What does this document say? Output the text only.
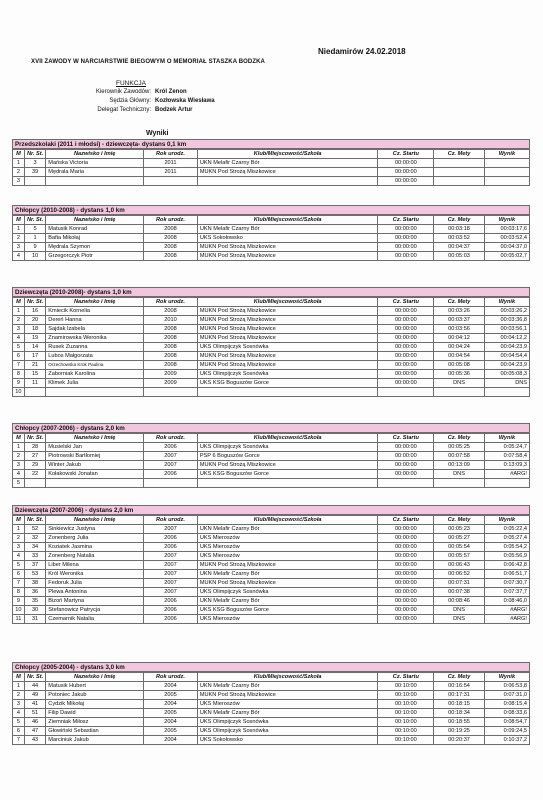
Niedamirów 24.02.2018
XVII ZAWODY W NARCIARSTWIE BIEGOWYM O MEMORIAŁ STASZKA BODZKA
FUNKCJA
Kierownik Zawodów: Król Zenon
Sędzia Główny: Kozłowska Wiesława
Delegat Techniczny: Bodzek Artur
Wyniki
Przedszkolaki (2011 i młodsi) - dziewczęta- dystans 0,1 km
M	Nr. St.	Nazwisko i Imię	Rok urodz.	Klub/Miejscowość/Szkoła	Cz. Startu	Cz. Mety	Wynik
1	3	Mańska Victoria	2011	UKN Melafir Czarny Bór	00:00:00		
2	39	Mędrala Maria	2011	MUKN Pod Strożą Miszkowice	00:00:00		
3					00:00:00		
Chłopcy (2010-2008) - dystans 1,0 km
M	Nr. St.	Nazwisko i Imię	Rok urodz.	Klub/Miejscowość/Szkoła	Cz. Startu	Cz. Mety	Wynik
1	5	Matusik Konrad	2008	UKN Melafir Czarny Bór	00:00:00	00:03:18	00:03:17,6
2	1	Bafia Mikołaj	2008	UKS Sokołowsko	00:00:00	00:03:52	00:03:52,4
3	9	Mędrala Szymon	2008	MUKN Pod Strożą Miszkowice	00:00:00	00:04:37	00:04:37,0
4	10	Grzegorczyk Piotr	2008	MUKN Pod Strożą Miszkowice	00:00:00	00:05:03	00:05:02,7
Dziewczęta (2010-2008)- dystans 1,0 km
M	Nr. St.	Nazwisko i Imię	Rok urodz.	Klub/Miejscowość/Szkoła	Cz. Startu	Cz. Mety	Wynik
1	16	Kmiecik Kornelia	2008	MUKN Pod Strożą Miszkowice	00:00:00	00:03:26	00:03:26,2
2	20	Dereń Hanna	2010	MUKN Pod Strożą Miszkowice	00:00:00	00:03:37	00:03:36,8
3	18	Sajdak Izabela	2008	MUKN Pod Strożą Miszkowice	00:00:00	00:03:56	00:03:56,1
4	19	Znamirowska Weronika	2008	MUKN Pod Strożą Miszkowice	00:00:00	00:04:12	00:04:12,2
5	14	Rusek Zuzanna	2008	UKS Olimpijczyk Sosnówka	00:00:00	00:04:24	00:04:23,9
6	17	Lubos Małgorzata	2008	MUKN Pod Strożą Miszkowice	00:00:00	00:04:54	00:04:54,4
7	21	Orzechowska Krok Paulina	2008	MUKN Pod Strożą Miszkowice	00:00:00	00:05:08	00:04:23,9
8	15	Zaborniak Karolina	2009	UKS Olimpijczyk Sosnówka	00:00:00	00:05:36	00:05:08,3
9	11	Klimek Julia	2009	UKS KSG Boguszów Gorce	00:00:00	DNS	DNS
10							
Chłopcy (2007-2006) - dystans 2,0 km
M	Nr. St.	Nazwisko i Imię	Rok urodz.	Klub/Miejscowość/Szkoła	Cz. Startu	Cz. Mety	Wynik
1	28	Musielski Jan	2006	UKS Olimpijczyk Sosnówka	00:00:00	00:05:25	0:05:24,7
2	27	Piotrowski Bartłomiej	2007	PSP 6 Boguszów Gorce	00:00:00	00:07:58	0:07:58,4
3	29	Winter Jakub	2007	MUKN Pod Strożą Miszkowice	00:00:00	00:13:09	0:13:09,3
4	22	Kołakowski Jonatan	2006	UKS KSG Boguszów Gorce	00:00:00	DNS	#ARG!
5							
Dziewczęta (2007-2006) - dystans 2,0 km
M	Nr. St.	Nazwisko i Imię	Rok urodz.	Klub/Miejscowość/Szkoła	Cz. Startu	Cz. Mety	Wynik
1	52	Sinkiewicz Justyna	2007	UKN Melafir Czarny Bór	00:00:00	00:05:23	0:05:22,4
2	32	Zonenberg Julia	2006	UKS Mieroszów	00:00:00	00:05:27	0:05:27,4
3	34	Koziatek Jasmina	2006	UKS Mieroszów	00:00:00	00:05:54	0:05:54,2
4	33	Zonenberg Natalia	2007	UKS Mieroszów	00:00:00	00:05:57	0:05:56,9
5	37	Liber Milena	2007	MUKN Pod Strożą Miszkowice	00:00:00	00:06:43	0:06:42,8
6	53	Król Weronika	2007	UKN Melafir Czarny Bór	00:00:00	00:06:52	0:06:51,7
7	38	Fedoruk Julia	2007	MUKN Pod Strożą Miszkowice	00:00:00	00:07:31	0:07:30,7
8	36	Plewa Antonina	2007	UKS Olimpijczyk Sosnówka	00:00:00	00:07:38	0:07:37,7
9	35	Bizoń Martyna	2006	UKN Melafir Czarny Bór	00:00:00	00:08:46	0:08:46,0
10	30	Stefanowicz Patrycja	2006	UKS KSG Boguszów Gorce	00:00:00	DNS	#ARG!
11	31	Czemarnik Natalia	2006	UKS Mieroszów	00:00:00	DNS	#ARG!
Chłopcy (2005-2004) - dystans 3,0 km
M	Nr. St.	Nazwisko i Imię	Rok urodz.	Klub/Miejscowość/Szkoła	Cz. Startu	Cz. Mety	Wynik
1	44	Matusik Hubert	2004	UKN Melafir Czarny Bór	00:10:00	00:16:54	0:06:53,8
2	49	Potoniec Jakub	2005	MUKN Pod Strożą Miszkowice	00:10:00	00:17:31	0:07:31,0
3	41	Cydzik Mikołaj	2004	UKS Mieroszów	00:10:00	00:18:15	0:08:15,4
4	51	Filip Dawid	2005	UKN Melafir Czarny Bór	00:10:00	00:18:34	0:08:33,6
5	46	Ziemniak Miłosz	2004	UKS Olimpijczyk Sosnówka	00:10:00	00:18:55	0:08:54,7
6	47	Głowiński Sebastian	2005	UKS Olimpijczyk Sosnówka	00:10:00	00:19:25	0:09:24,5
7	43	Marciniuk Jakub	2004	UKS Sokołowsko	00:10:00	00:20:37	0:10:37,2
